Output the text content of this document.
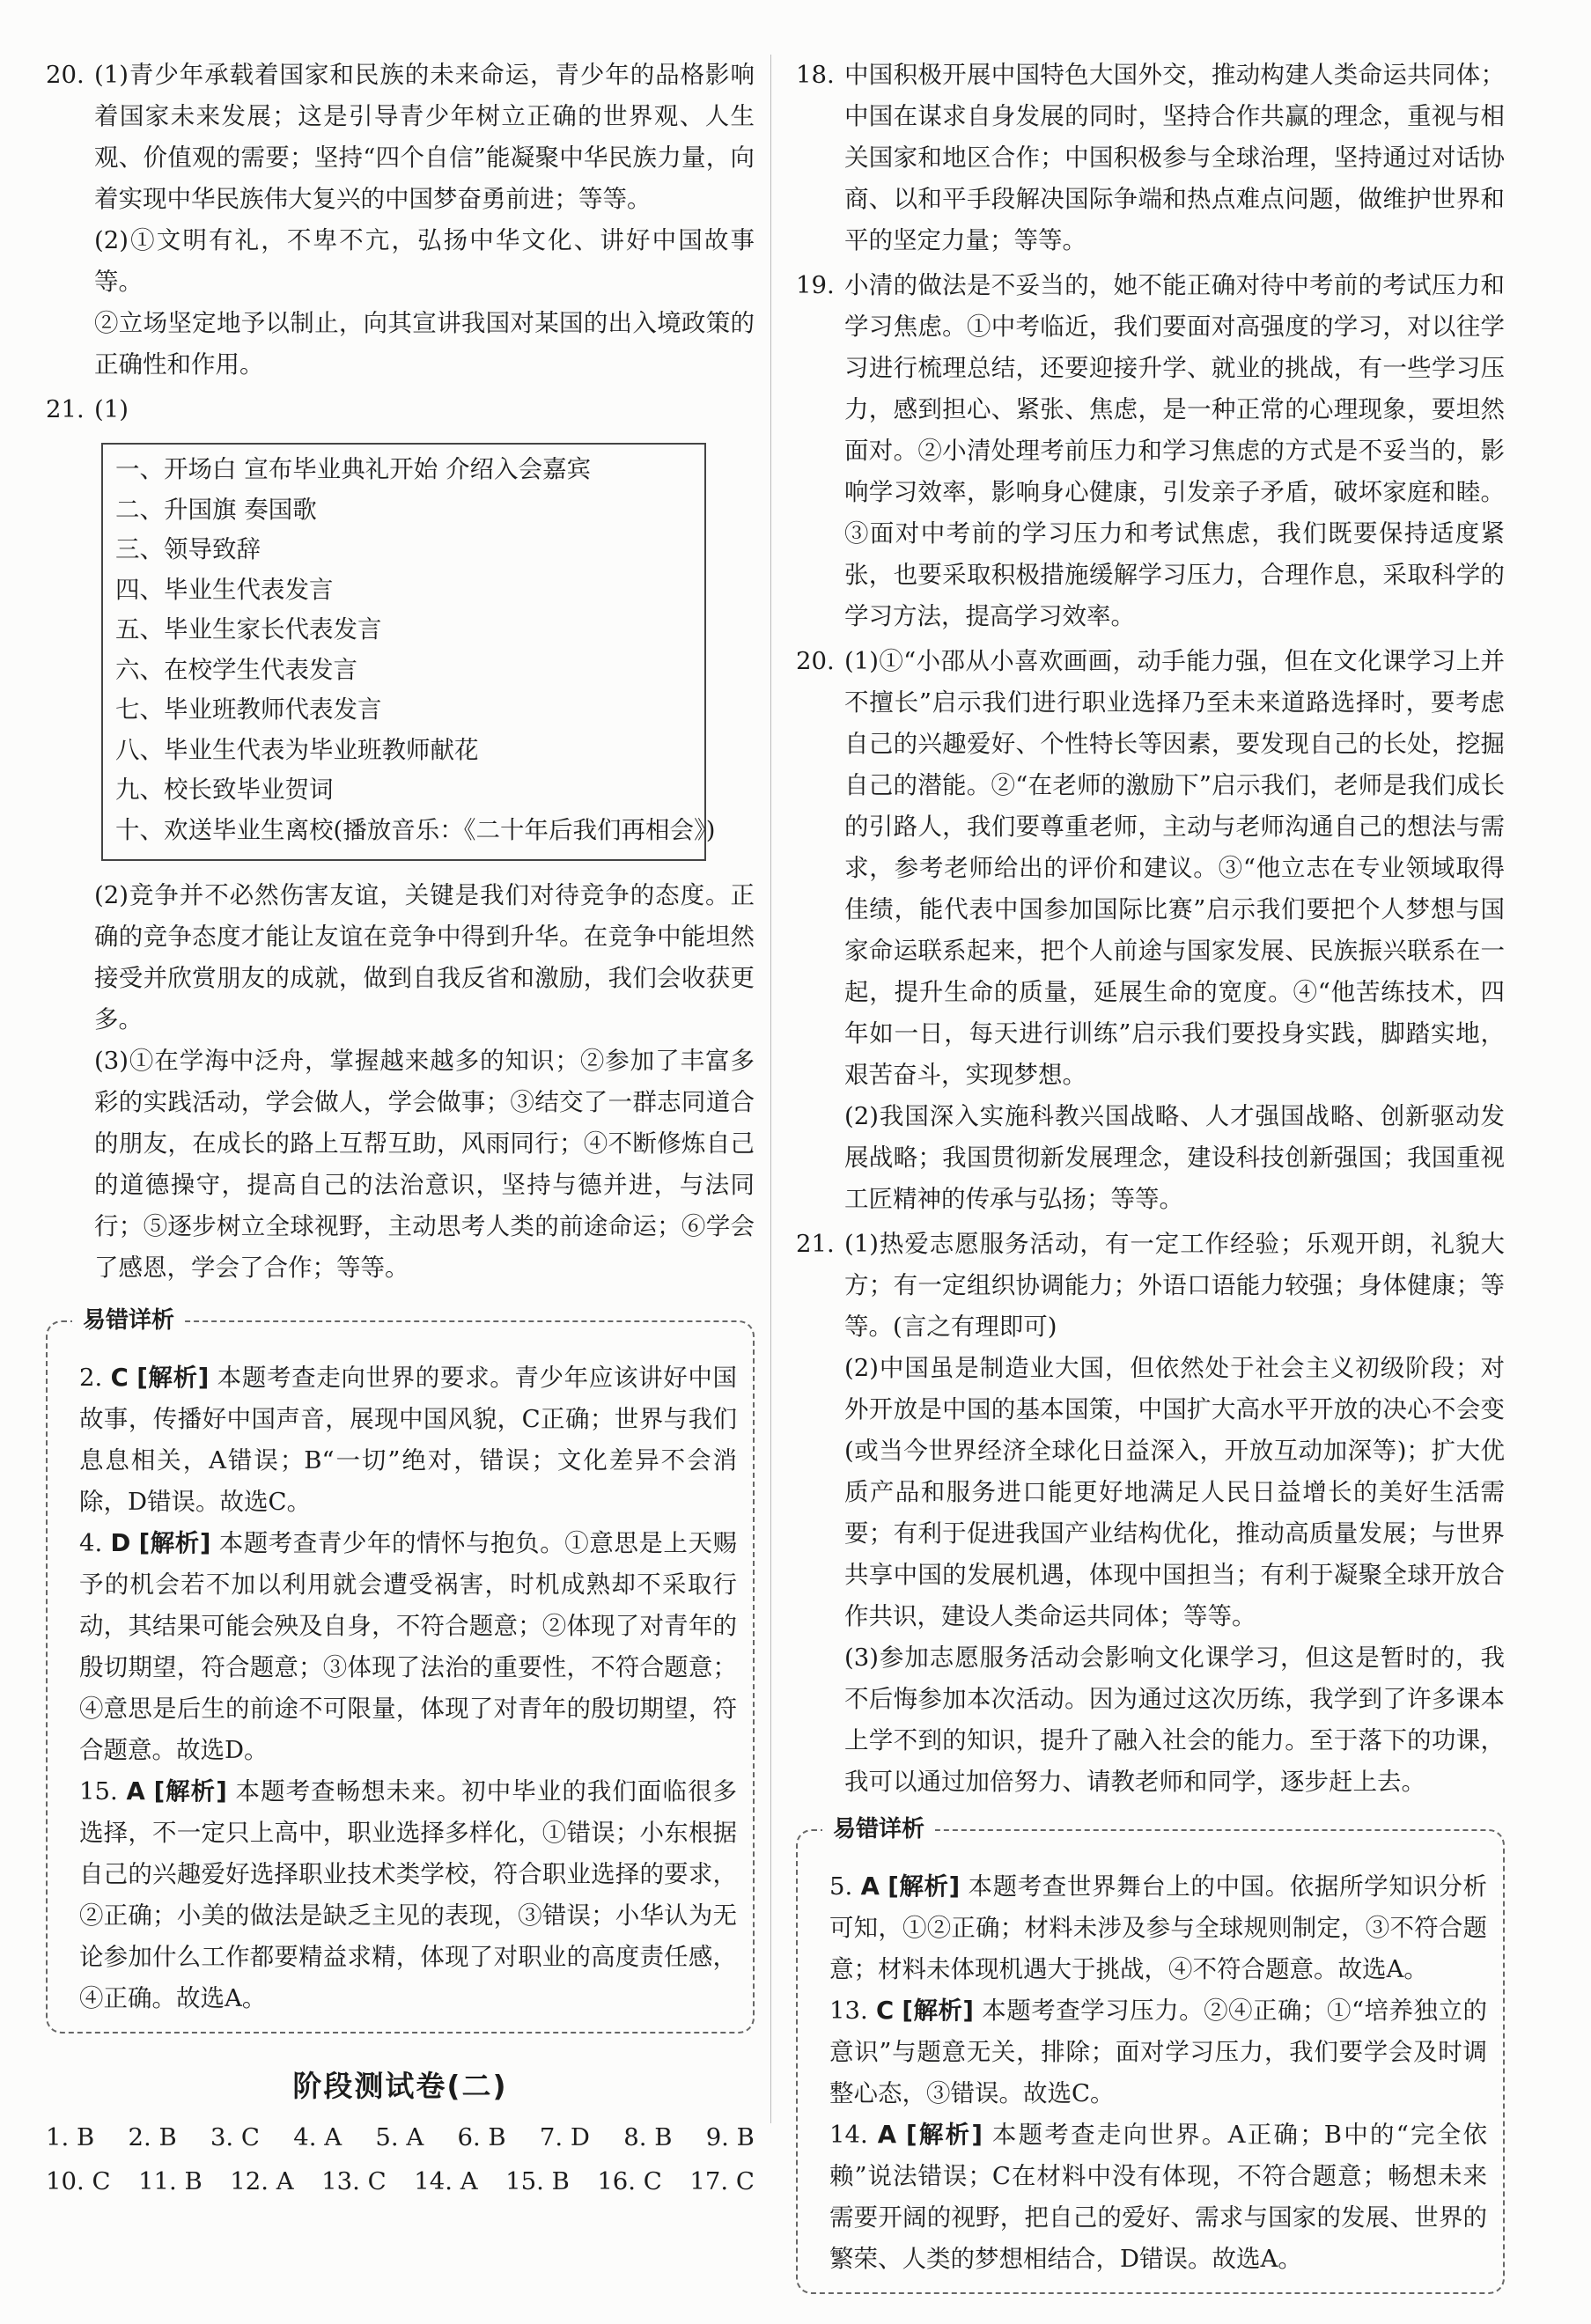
20. (1)青少年承载着国家和民族的未来命运，青少年的品格影响着国家未来发展；这是引导青少年树立正确的世界观、人生观、价值观的需要；坚持“四个自信”能凝聚中华民族力量，向着实现中华民族伟大复兴的中国梦奋勇前进；等等。

(2)①文明有礼，不卑不亢，弘扬中华文化、讲好中国故事等。

②立场坚定地予以制止，向其宣讲我国对某国的出入境政策的正确性和作用。

21. (1)

一、开场白 宣布毕业典礼开始 介绍入会嘉宾
二、升国旗 奏国歌
三、领导致辞
四、毕业生代表发言
五、毕业生家长代表发言
六、在校学生代表发言
七、毕业班教师代表发言
八、毕业生代表为毕业班教师献花
九、校长致毕业贺词
十、欢送毕业生离校(播放音乐：《二十年后我们再相会》)

(2)竞争并不必然伤害友谊，关键是我们对待竞争的态度。正确的竞争态度才能让友谊在竞争中得到升华。在竞争中能坦然接受并欣赏朋友的成就，做到自我反省和激励，我们会收获更多。

(3)①在学海中泛舟，掌握越来越多的知识；②参加了丰富多彩的实践活动，学会做人，学会做事；③结交了一群志同道合的朋友，在成长的路上互帮互助，风雨同行；④不断修炼自己的道德操守，提高自己的法治意识，坚持与德并进，与法同行；⑤逐步树立全球视野，主动思考人类的前途命运；⑥学会了感恩，学会了合作；等等。

易错详析

2. C [解析] 本题考查走向世界的要求。青少年应该讲好中国故事，传播好中国声音，展现中国风貌，C正确；世界与我们息息相关，A错误；B“一切”绝对，错误；文化差异不会消除，D错误。故选C。

4. D [解析] 本题考查青少年的情怀与抱负。①意思是上天赐予的机会若不加以利用就会遭受祸害，时机成熟却不采取行动，其结果可能会殃及自身，不符合题意；②体现了对青年的殷切期望，符合题意；③体现了法治的重要性，不符合题意；④意思是后生的前途不可限量，体现了对青年的殷切期望，符合题意。故选D。

15. A [解析] 本题考查畅想未来。初中毕业的我们面临很多选择，不一定只上高中，职业选择多样化，①错误；小东根据自己的兴趣爱好选择职业技术类学校，符合职业选择的要求，②正确；小美的做法是缺乏主见的表现，③错误；小华认为无论参加什么工作都要精益求精，体现了对职业的高度责任感，④正确。故选A。

阶段测试卷(二)
1. B 2. B 3. C 4. A 5. A 6. B 7. D 8. B 9. B
10. C 11. B 12. A 13. C 14. A 15. B 16. C 17. C
18. 中国积极开展中国特色大国外交，推动构建人类命运共同体；中国在谋求自身发展的同时，坚持合作共赢的理念，重视与相关国家和地区合作；中国积极参与全球治理，坚持通过对话协商、以和平手段解决国际争端和热点难点问题，做维护世界和平的坚定力量；等等。

19. 小清的做法是不妥当的，她不能正确对待中考前的考试压力和学习焦虑。①中考临近，我们要面对高强度的学习，对以往学习进行梳理总结，还要迎接升学、就业的挑战，有一些学习压力，感到担心、紧张、焦虑，是一种正常的心理现象，要坦然面对。②小清处理考前压力和学习焦虑的方式是不妥当的，影响学习效率，影响身心健康，引发亲子矛盾，破坏家庭和睦。③面对中考前的学习压力和考试焦虑，我们既要保持适度紧张，也要采取积极措施缓解学习压力，合理作息，采取科学的学习方法，提高学习效率。

20. (1)①“小邵从小喜欢画画，动手能力强，但在文化课学习上并不擅长”启示我们进行职业选择乃至未来道路选择时，要考虑自己的兴趣爱好、个性特长等因素，要发现自己的长处，挖掘自己的潜能。②“在老师的激励下”启示我们，老师是我们成长的引路人，我们要尊重老师，主动与老师沟通自己的想法与需求，参考老师给出的评价和建议。③“他立志在专业领域取得佳绩，能代表中国参加国际比赛”启示我们要把个人梦想与国家命运联系起来，把个人前途与国家发展、民族振兴联系在一起，提升生命的质量，延展生命的宽度。④“他苦练技术，四年如一日，每天进行训练”启示我们要投身实践，脚踏实地，艰苦奋斗，实现梦想。

(2)我国深入实施科教兴国战略、人才强国战略、创新驱动发展战略；我国贯彻新发展理念，建设科技创新强国；我国重视工匠精神的传承与弘扬；等等。

21. (1)热爱志愿服务活动，有一定工作经验；乐观开朗，礼貌大方；有一定组织协调能力；外语口语能力较强；身体健康；等等。(言之有理即可)

(2)中国虽是制造业大国，但依然处于社会主义初级阶段；对外开放是中国的基本国策，中国扩大高水平开放的决心不会变(或当今世界经济全球化日益深入，开放互动加深等)；扩大优质产品和服务进口能更好地满足人民日益增长的美好生活需要；有利于促进我国产业结构优化，推动高质量发展；与世界共享中国的发展机遇，体现中国担当；有利于凝聚全球开放合作共识，建设人类命运共同体；等等。

(3)参加志愿服务活动会影响文化课学习，但这是暂时的，我不后悔参加本次活动。因为通过这次历练，我学到了许多课本上学不到的知识，提升了融入社会的能力。至于落下的功课，我可以通过加倍努力、请教老师和同学，逐步赶上去。

易错详析

5. A [解析] 本题考查世界舞台上的中国。依据所学知识分析可知，①②正确；材料未涉及参与全球规则制定，③不符合题意；材料未体现机遇大于挑战，④不符合题意。故选A。

13. C [解析] 本题考查学习压力。②④正确；①“培养独立的意识”与题意无关，排除；面对学习压力，我们要学会及时调整心态，③错误。故选C。

14. A [解析] 本题考查走向世界。A正确；B中的“完全依赖”说法错误；C在材料中没有体现，不符合题意；畅想未来需要开阔的视野，把自己的爱好、需求与国家的发展、世界的繁荣、人类的梦想相结合，D错误。故选A。
